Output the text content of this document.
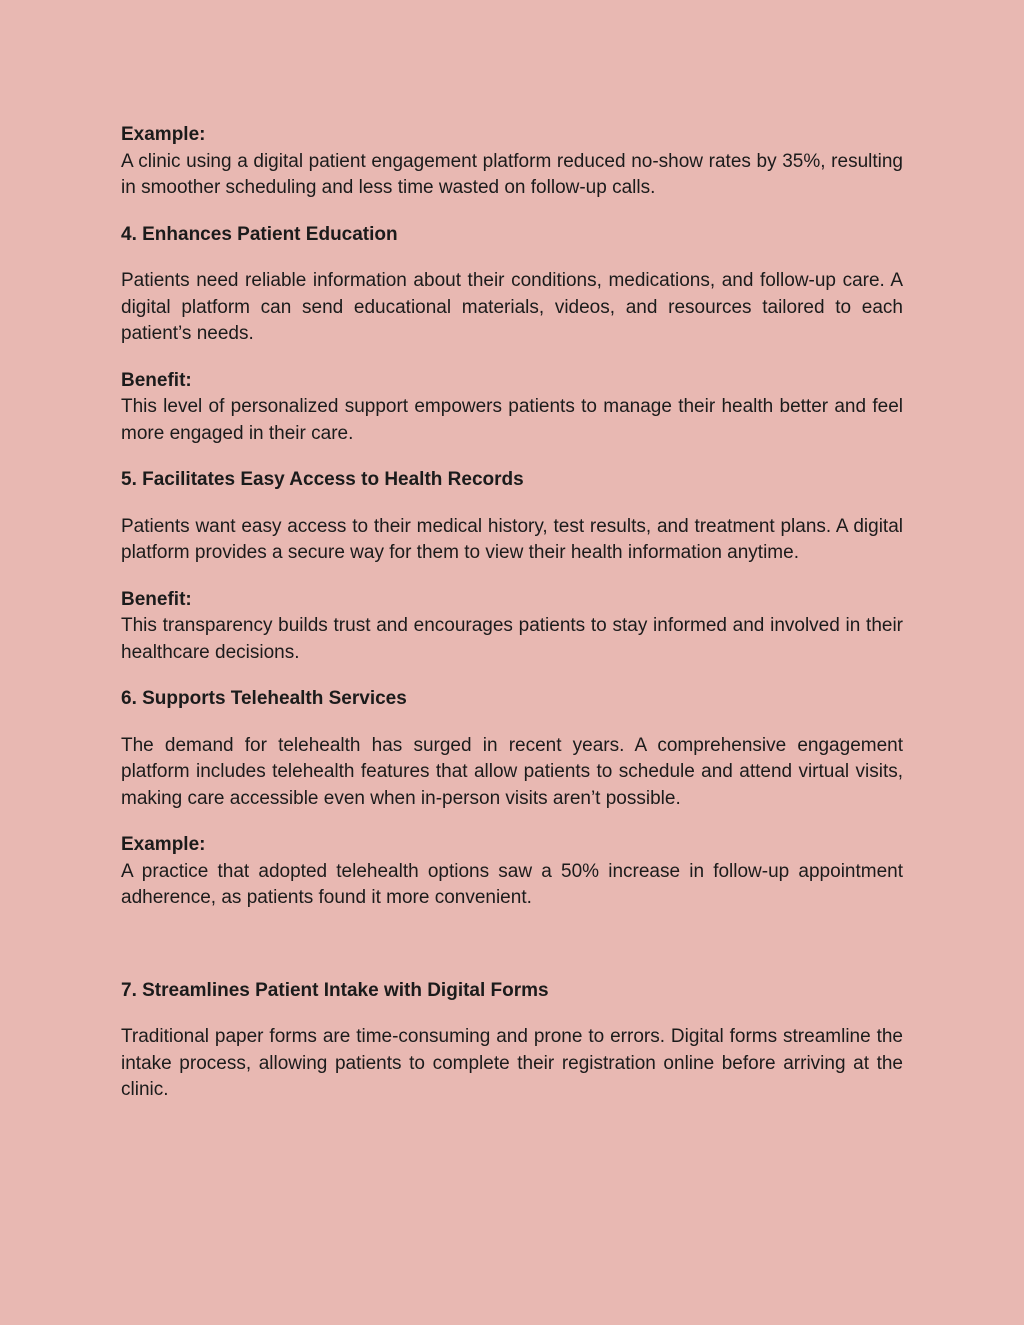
Example:
A clinic using a digital patient engagement platform reduced no-show rates by 35%, resulting in smoother scheduling and less time wasted on follow-up calls.

4. Enhances Patient Education

Patients need reliable information about their conditions, medications, and follow-up care. A digital platform can send educational materials, videos, and resources tailored to each patient’s needs.

Benefit:
This level of personalized support empowers patients to manage their health better and feel more engaged in their care.

5. Facilitates Easy Access to Health Records

Patients want easy access to their medical history, test results, and treatment plans. A digital platform provides a secure way for them to view their health information anytime.

Benefit:
This transparency builds trust and encourages patients to stay informed and involved in their healthcare decisions.

6. Supports Telehealth Services

The demand for telehealth has surged in recent years. A comprehensive engagement platform includes telehealth features that allow patients to schedule and attend virtual visits, making care accessible even when in-person visits aren’t possible.

Example:
A practice that adopted telehealth options saw a 50% increase in follow-up appointment adherence, as patients found it more convenient.

7. Streamlines Patient Intake with Digital Forms

Traditional paper forms are time-consuming and prone to errors. Digital forms streamline the intake process, allowing patients to complete their registration online before arriving at the clinic.
